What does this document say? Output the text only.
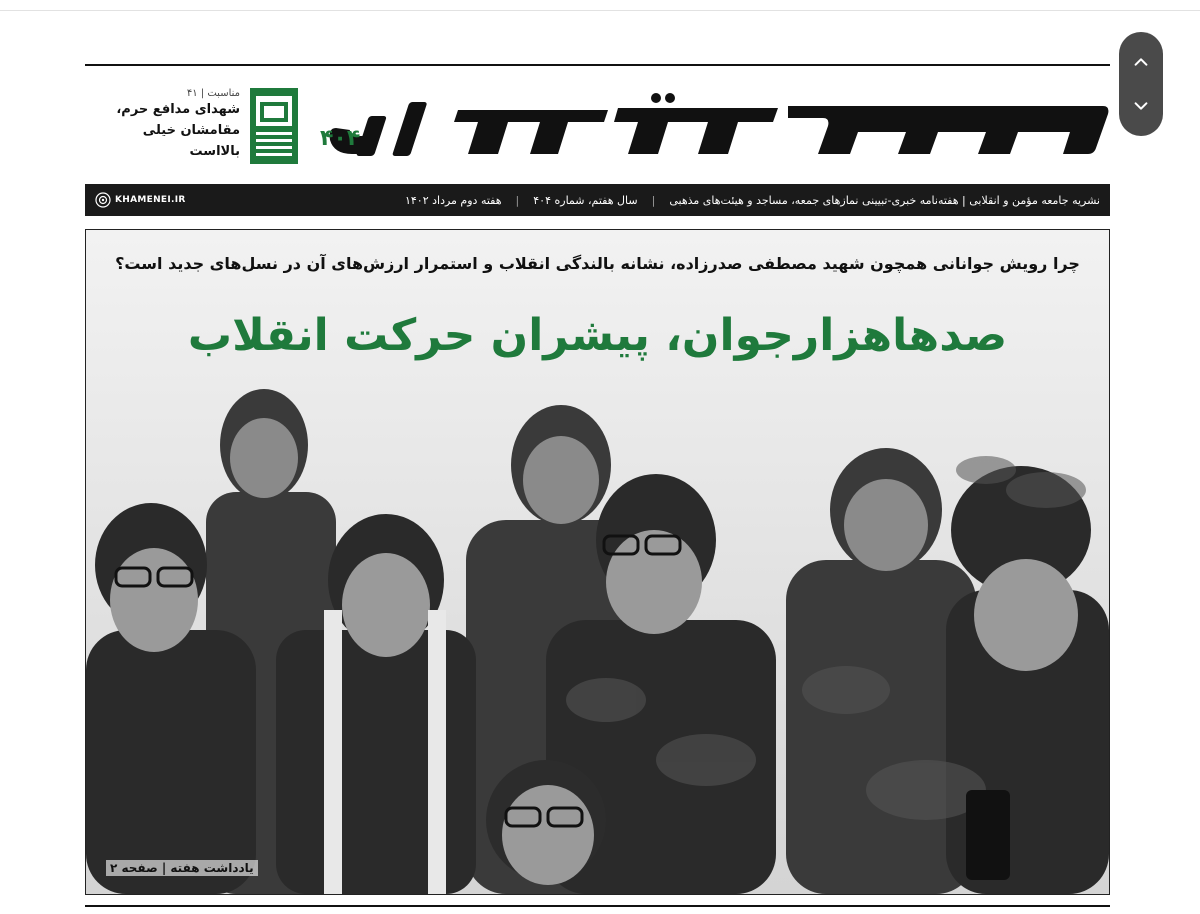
۴۰۴
مناسبت | ۴۱
شهدای مدافع حرم،
مقامشان خیلی بالااست
نشریه جامعه مؤمن و انقلابی | هفته‌نامه خبری-تبیینی نمازهای جمعه، مساجد و هیئت‌های مذهبی
|
سال هفتم، شماره ۴۰۴
|
هفته دوم مرداد ۱۴۰۲
KHAMENEI.IR
چرا رویش جوانانی همچون شهید مصطفی صدرزاده، نشانه بالندگی انقلاب و استمرار ارزش‌های آن در نسل‌های جدید است؟
صدهاهزارجوان، پیشران حرکت انقلاب
یادداشت هفته | صفحه ۲
